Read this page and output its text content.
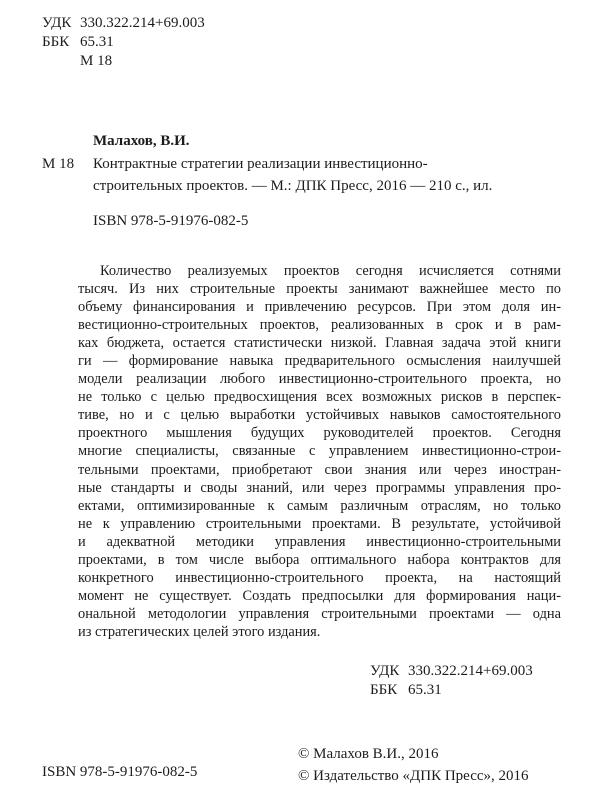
УДК 330.322.214+69.003
ББК 65.31
М 18
Малахов, В.И.
М 18 Контрактные стратегии реализации инвестиционно-
строительных проектов. — М.: ДПК Пресс, 2016 — 210 с., ил.
ISBN 978-5-91976-082-5
Количество реализуемых проектов сегодня исчисляется сотнями
тысяч. Из них строительные проекты занимают важнейшее место по
объему финансирования и привлечению ресурсов. При этом доля ин-
вестиционно-строительных проектов, реализованных в срок и в рам-
ках бюджета, остается статистически низкой. Главная задача этой книги
ги — формирование навыка предварительного осмысления наилучшей
модели реализации любого инвестиционно-строительного проекта, но
не только с целью предвосхищения всех возможных рисков в перспек-
тиве, но и с целью выработки устойчивых навыков самостоятельного
проектного мышления будущих руководителей проектов. Сегодня
многие специалисты, связанные с управлением инвестиционно-строи-
тельными проектами, приобретают свои знания или через иностран-
ные стандарты и своды знаний, или через программы управления про-
ектами, оптимизированные к самым различным отраслям, но только
не к управлению строительными проектами. В результате, устойчивой
и адекватной методики управления инвестиционно-строительными
проектами, в том числе выбора оптимального набора контрактов для
конкретного инвестиционно-строительного проекта, на настоящий
момент не существует. Создать предпосылки для формирования наци-
ональной методологии управления строительными проектами — одна
из стратегических целей этого издания.
УДК 330.322.214+69.003
ББК 65.31
ISBN 978-5-91976-082-5
© Малахов В.И., 2016
© Издательство «ДПК Пресс», 2016
